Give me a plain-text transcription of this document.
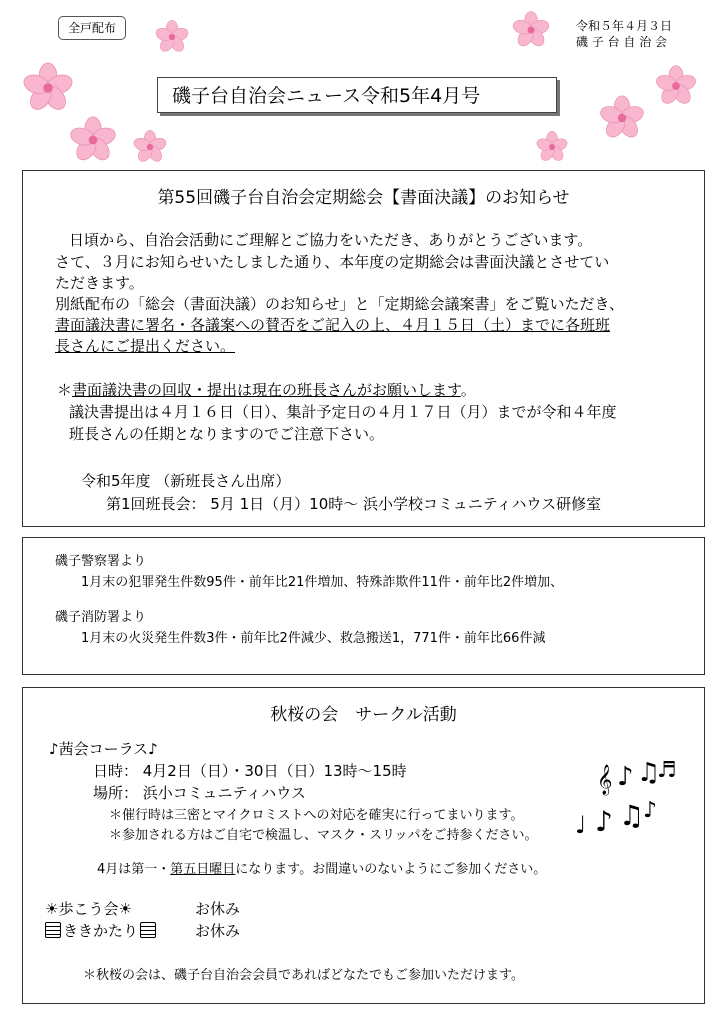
全戸配布	令和５年４月３日
磯 子 台 自 治 会
磯子台自治会ニュース令和5年4月号
第55回磯子台自治会定期総会【書面決議】のお知らせ
日頃から、自治会活動にご理解とご協力をいただき、ありがとうございます。
さて、３月にお知らせいたしました通り、本年度の定期総会は書面決議とさせてい
ただきます。
別紙配布の「総会（書面決議）のお知らせ」と「定期総会議案書」をご覧いただき、
書面議決書に署名・各議案への賛否をご記入の上、４月１５日（土）までに各班班
長さんにご提出ください。
＊書面議決書の回収・提出は現在の班長さんがお願いします。
議決書提出は４月１６日（日）、集計予定日の４月１７日（月）までが令和４年度
班長さんの任期となりますのでご注意下さい。
令和5年度 （新班長さん出席）
第1回班長会： 5月 1日（月）10時～ 浜小学校コミュニティハウス研修室
磯子警察署より
1月末の犯罪発生件数95件・前年比21件増加、特殊詐欺件11件・前年比2件増加、
磯子消防署より
1月末の火災発生件数3件・前年比2件減少、救急搬送1，771件・前年比66件減
秋桜の会　サークル活動
♪茜会コーラス♪
日時： 4月2日（日）・30日（日）13時～15時
場所： 浜小コミュニティハウス
＊催行時は三密とマイクロミストへの対応を確実に行ってまいります。
＊参加される方はご自宅で検温し、マスク・スリッパをご持参ください。
4月は第一・第五日曜日になります。お間違いのないようにご参加ください。
☀歩こう会☀	お休み
ききかたり	お休み
＊秋桜の会は、磯子台自治会会員であればどなたでもご参加いただけます。
𝄞 ♪ ♫
♬
♩ ♪ ♫
♪
